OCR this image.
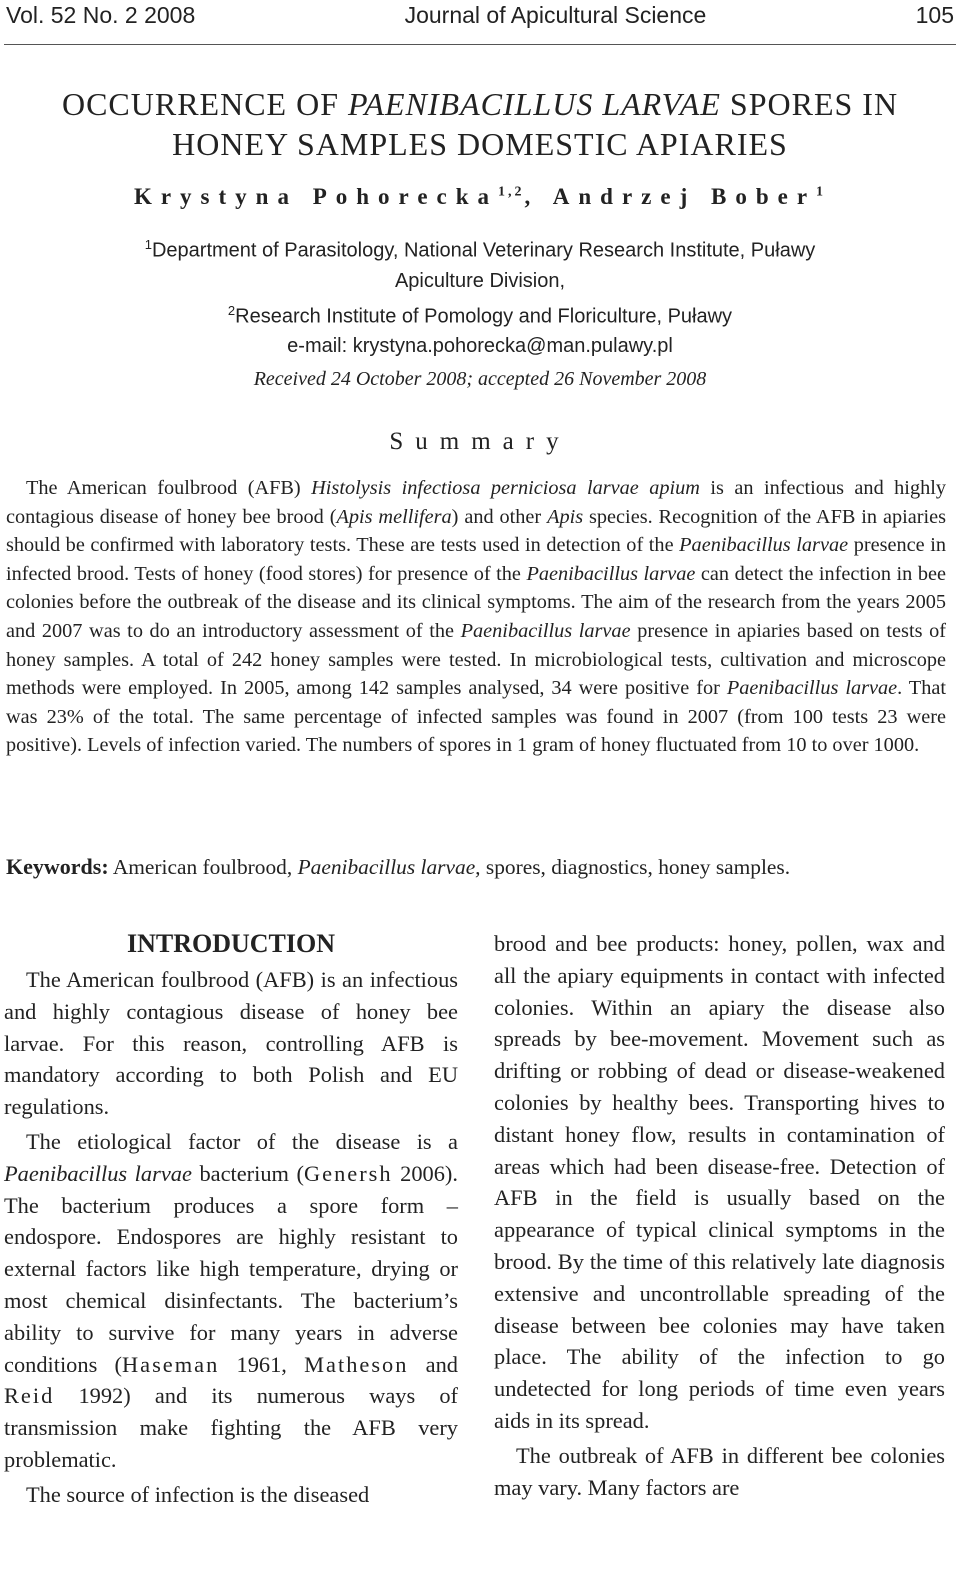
Vol. 52 No. 2 2008	Journal of Apicultural Science	105
OCCURRENCE OF PAENIBACILLUS LARVAE SPORES IN
HONEY SAMPLES DOMESTIC APIARIES
Krystyna Pohorecka$^{1,2}$, Andrzej Bober$^1$
$^1$Department of Parasitology, National Veterinary Research Institute, Puławy
Apiculture Division,
$^2$Research Institute of Pomology and Floriculture, Puławy
e-mail: krystyna.pohorecka@man.pulawy.pl
Received 24 October 2008; accepted 26 November 2008
Summary
The American foulbrood (AFB) Histolysis infectiosa perniciosa larvae apium is an infectious and highly contagious disease of honey bee brood (Apis mellifera) and other Apis species. Recognition of the AFB in apiaries should be confirmed with laboratory tests. These are tests used in detection of the Paenibacillus larvae presence in infected brood. Tests of honey (food stores) for presence of the Paenibacillus larvae can detect the infection in bee colonies before the outbreak of the disease and its clinical symptoms. The aim of the research from the years 2005 and 2007 was to do an introductory assessment of the Paenibacillus larvae presence in apiaries based on tests of honey samples. A total of 242 honey samples were tested. In microbiological tests, cultivation and microscope methods were employed. In 2005, among 142 samples analysed, 34 were positive for Paenibacillus larvae. That was 23% of the total. The same percentage of infected samples was found in 2007 (from 100 tests 23 were positive). Levels of infection varied. The numbers of spores in 1 gram of honey fluctuated from 10 to over 1000.
Keywords: American foulbrood, Paenibacillus larvae, spores, diagnostics, honey samples.
INTRODUCTION

The American foulbrood (AFB) is an infectious and highly contagious disease of honey bee larvae. For this reason, controlling AFB is mandatory according to both Polish and EU regulations.

The etiological factor of the disease is a Paenibacillus larvae bacterium (Genersh 2006). The bacterium produces a spore form – endospore. Endospores are highly resistant to external factors like high temperature, drying or most chemical disinfectants. The bacterium’s ability to survive for many years in adverse conditions (Haseman 1961, Matheson and Reid 1992) and its numerous ways of transmission make fighting the AFB very problematic.

The source of infection is the diseased

brood and bee products: honey, pollen, wax and all the apiary equipments in contact with infected colonies. Within an apiary the disease also spreads by bee-movement. Movement such as drifting or robbing of dead or disease-weakened colonies by healthy bees. Transporting hives to distant honey flow, results in contamination of areas which had been disease-free. Detection of AFB in the field is usually based on the appearance of typical clinical symptoms in the brood. By the time of this relatively late diagnosis extensive and uncontrollable spreading of the disease between bee colonies may have taken place. The ability of the infection to go undetected for long periods of time even years aids in its spread.

The outbreak of AFB in different bee colonies may vary. Many factors are
